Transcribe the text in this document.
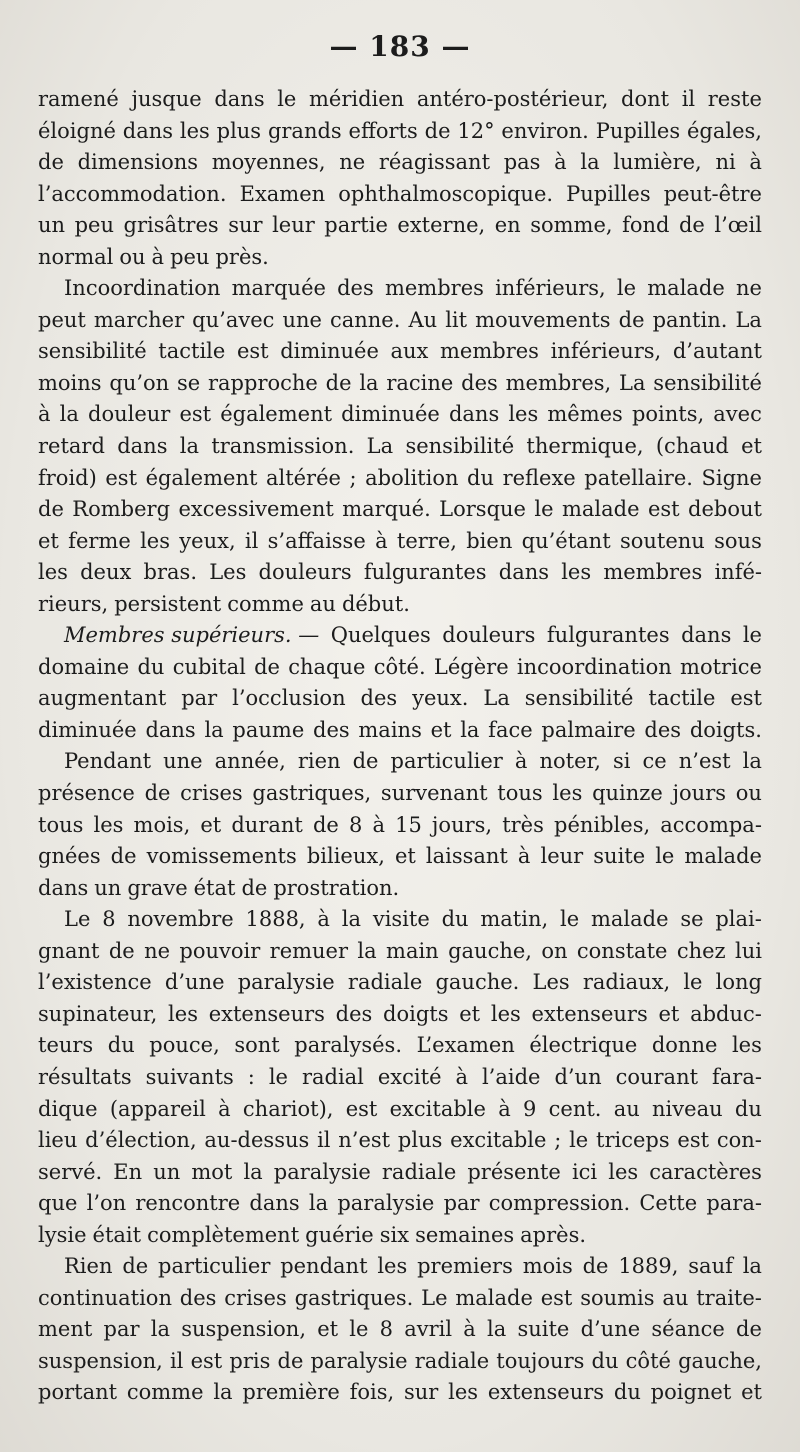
— 183 —
ramené jusque dans le méridien antéro-postérieur, dont il reste
éloigné dans les plus grands efforts de 12° environ. Pupilles égales,
de dimensions moyennes, ne réagissant pas à la lumière, ni à
l’accommodation. Examen ophthalmoscopique. Pupilles peut-être
un peu grisâtres sur leur partie externe, en somme, fond de l’œil
normal ou à peu près.
Incoordination marquée des membres inférieurs, le malade ne
peut marcher qu’avec une canne. Au lit mouvements de pantin. La
sensibilité tactile est diminuée aux membres inférieurs, d’autant
moins qu’on se rapproche de la racine des membres, La sensibilité
à la douleur est également diminuée dans les mêmes points, avec
retard dans la transmission. La sensibilité thermique, (chaud et
froid) est également altérée ; abolition du reflexe patellaire. Signe
de Romberg excessivement marqué. Lorsque le malade est debout
et ferme les yeux, il s’affaisse à terre, bien qu’étant soutenu sous
les deux bras. Les douleurs fulgurantes dans les membres infé-
rieurs, persistent comme au début.
Membres supérieurs. — Quelques douleurs fulgurantes dans le
domaine du cubital de chaque côté. Légère incoordination motrice
augmentant par l’occlusion des yeux. La sensibilité tactile est
diminuée dans la paume des mains et la face palmaire des doigts.
Pendant une année, rien de particulier à noter, si ce n’est la
présence de crises gastriques, survenant tous les quinze jours ou
tous les mois, et durant de 8 à 15 jours, très pénibles, accompa-
gnées de vomissements bilieux, et laissant à leur suite le malade
dans un grave état de prostration.
Le 8 novembre 1888, à la visite du matin, le malade se plai-
gnant de ne pouvoir remuer la main gauche, on constate chez lui
l’existence d’une paralysie radiale gauche. Les radiaux, le long
supinateur, les extenseurs des doigts et les extenseurs et abduc-
teurs du pouce, sont paralysés. L’examen électrique donne les
résultats suivants : le radial excité à l’aide d’un courant fara-
dique (appareil à chariot), est excitable à 9 cent. au niveau du
lieu d’élection, au-dessus il n’est plus excitable ; le triceps est con-
servé. En un mot la paralysie radiale présente ici les caractères
que l’on rencontre dans la paralysie par compression. Cette para-
lysie était complètement guérie six semaines après.
Rien de particulier pendant les premiers mois de 1889, sauf la
continuation des crises gastriques. Le malade est soumis au traite-
ment par la suspension, et le 8 avril à la suite d’une séance de
suspension, il est pris de paralysie radiale toujours du côté gauche,
portant comme la première fois, sur les extenseurs du poignet et
